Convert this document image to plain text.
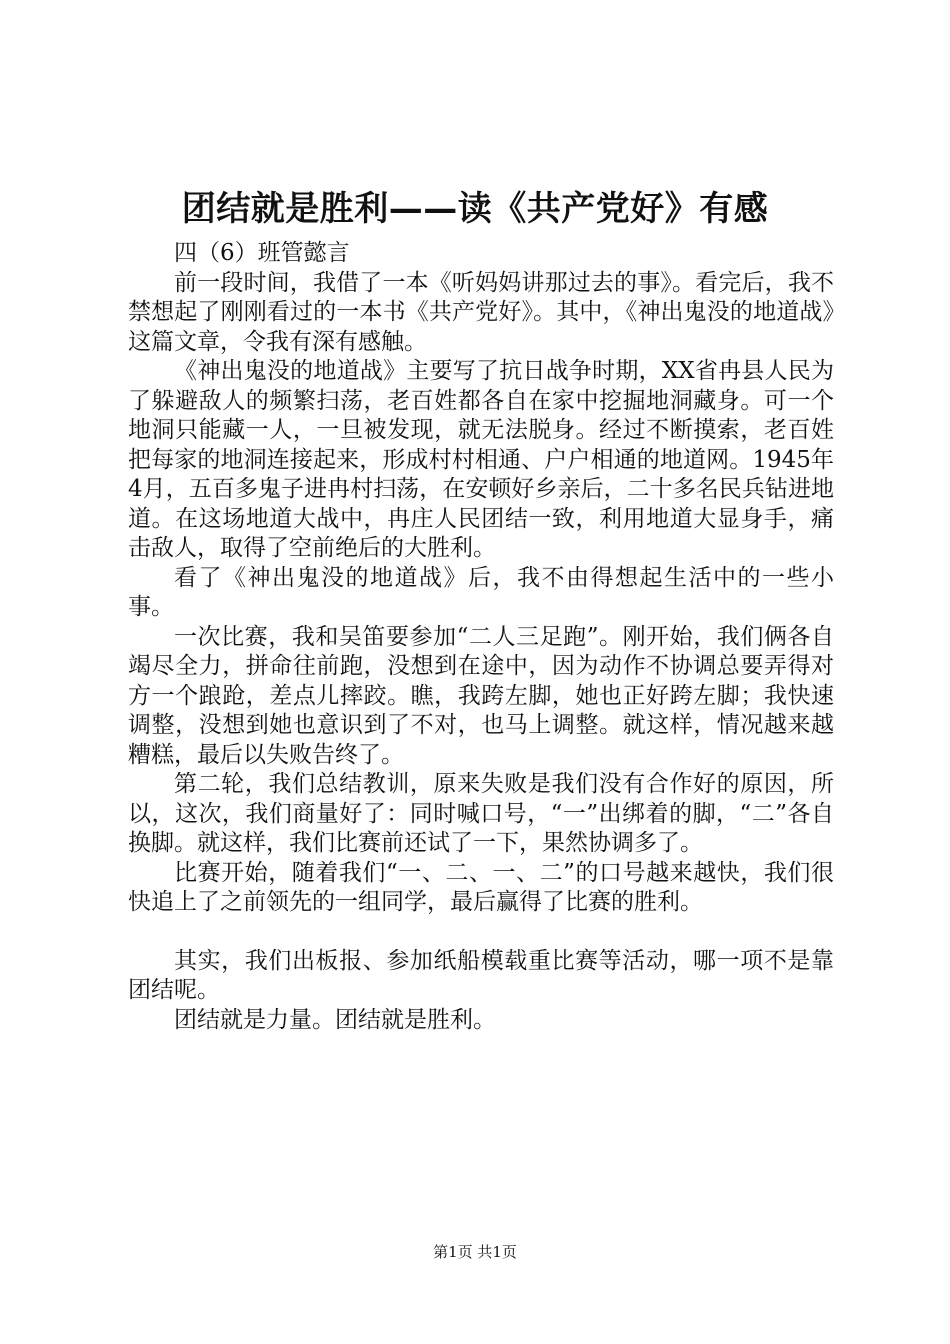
团结就是胜利——读《共产党好》有感

四（6）班管懿言

前一段时间，我借了一本《听妈妈讲那过去的事》。看完后，我不禁想起了刚刚看过的一本书《共产党好》。其中，《神出鬼没的地道战》这篇文章，令我有深有感触。

《神出鬼没的地道战》主要写了抗日战争时期，XX省冉县人民为了躲避敌人的频繁扫荡，老百姓都各自在家中挖掘地洞藏身。可一个地洞只能藏一人，一旦被发现，就无法脱身。经过不断摸索，老百姓把每家的地洞连接起来，形成村村相通、户户相通的地道网。1945年4月，五百多鬼子进冉村扫荡，在安顿好乡亲后，二十多名民兵钻进地道。在这场地道大战中，冉庄人民团结一致，利用地道大显身手，痛击敌人，取得了空前绝后的大胜利。

看了《神出鬼没的地道战》后，我不由得想起生活中的一些小事。

一次比赛，我和吴笛要参加“二人三足跑”。刚开始，我们俩各自竭尽全力，拼命往前跑，没想到在途中，因为动作不协调总要弄得对方一个踉跄，差点儿摔跤。瞧，我跨左脚，她也正好跨左脚；我快速调整，没想到她也意识到了不对，也马上调整。就这样，情况越来越糟糕，最后以失败告终了。

第二轮，我们总结教训，原来失败是我们没有合作好的原因，所以，这次，我们商量好了：同时喊口号，“一”出绑着的脚，“二”各自换脚。就这样，我们比赛前还试了一下，果然协调多了。

比赛开始，随着我们“一、二、一、二”的口号越来越快，我们很快追上了之前领先的一组同学，最后赢得了比赛的胜利。

其实，我们出板报、参加纸船模载重比赛等活动，哪一项不是靠团结呢。

团结就是力量。团结就是胜利。

第1页 共1页
